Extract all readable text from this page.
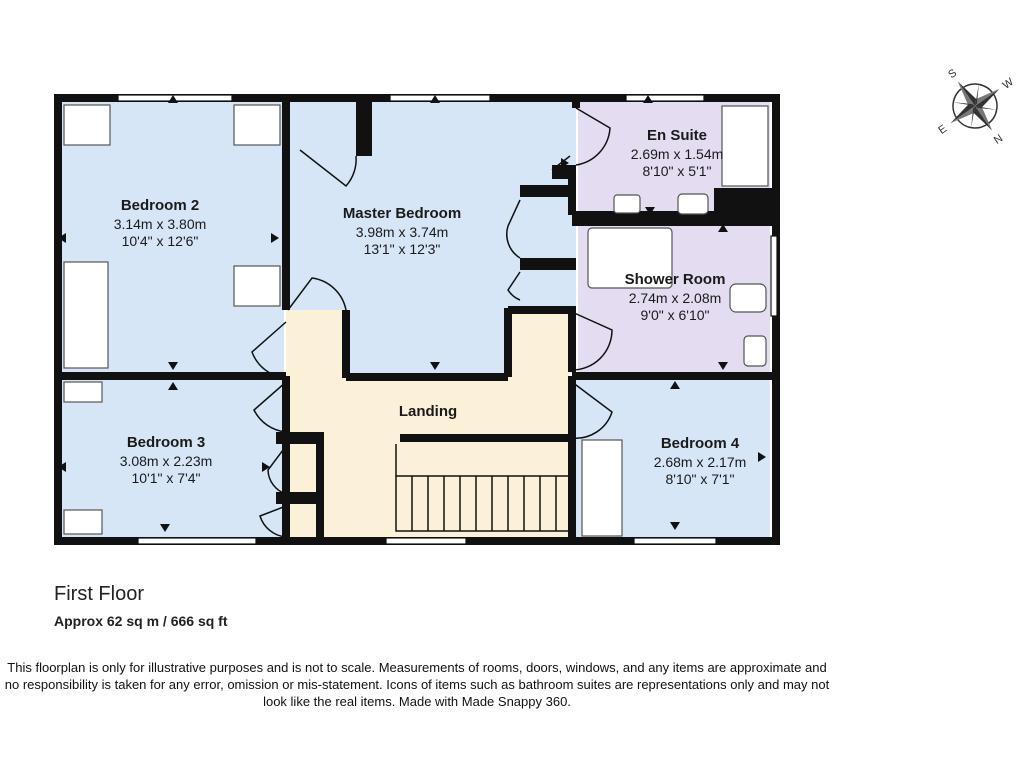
Bedroom 2
3.14m x 3.80m
10'4" x 12'6"
Master Bedroom
3.98m x 3.74m
13'1" x 12'3"
En Suite
2.69m x 1.54m
8'10" x 5'1"
Shower Room
2.74m x 2.08m
9'0" x 6'10"
Bedroom 3
3.08m x 2.23m
10'1" x 7'4"
Bedroom 4
2.68m x 2.17m
8'10" x 7'1"
Landing
N
E
S
W
First Floor
Approx 62 sq m / 666 sq ft
This floorplan is only for illustrative purposes and is not to scale. Measurements of rooms, doors, windows, and any items are approximate and no responsibility is taken for any error, omission or mis-statement. Icons of items such as bathroom suites are representations only and may not look like the real items. Made with Made Snappy 360.
